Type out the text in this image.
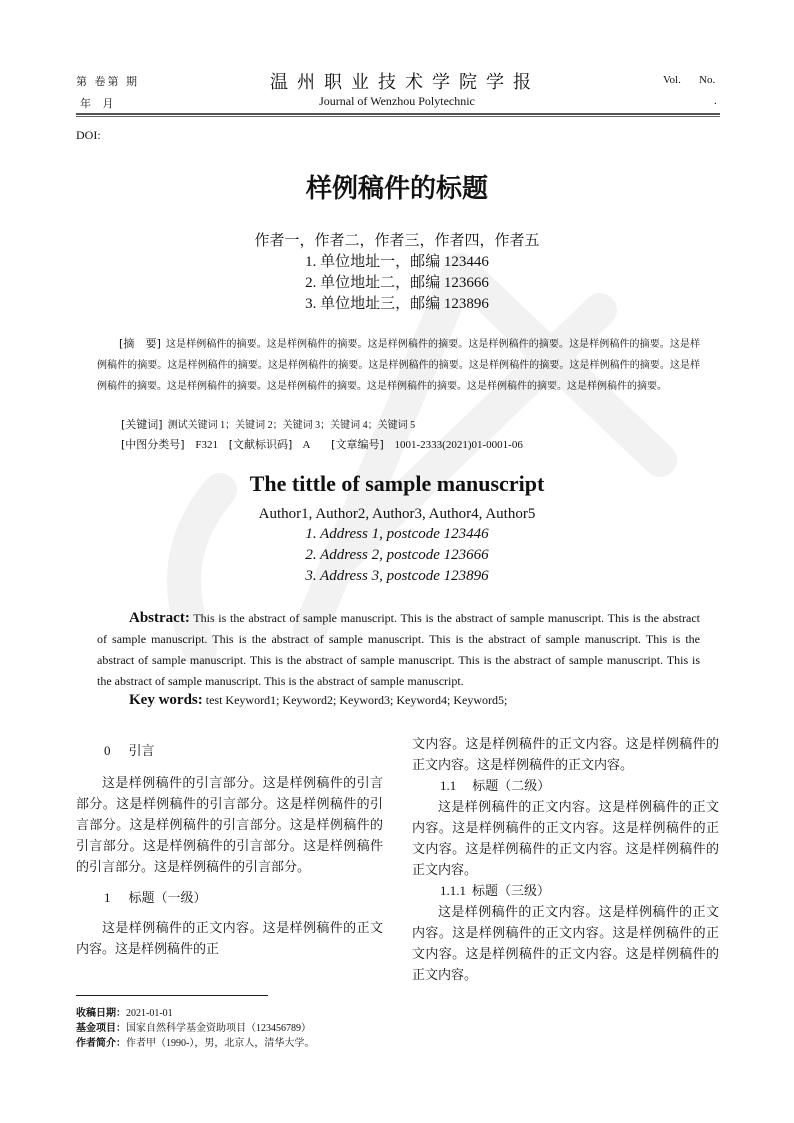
第 卷第 期
年 月
温州职业技术学院学报
Journal of Wenzhou Polytechnic
Vol. No.
.
DOI:
样例稿件的标题
作者一，作者二，作者三，作者四，作者五
1. 单位地址一，邮编 123446
2. 单位地址二，邮编 123666
3. 单位地址三，邮编 123896
[摘　要] 这是样例稿件的摘要。这是样例稿件的摘要。这是样例稿件的摘要。这是样例稿件的摘要。这是样例稿件的摘要。这是样例稿件的摘要。这是样例稿件的摘要。这是样例稿件的摘要。这是样例稿件的摘要。这是样例稿件的摘要。这是样例稿件的摘要。这是样例稿件的摘要。这是样例稿件的摘要。这是样例稿件的摘要。这是样例稿件的摘要。这是样例稿件的摘要。这是样例稿件的摘要。
[关键词] 测试关键词 1；关键词 2；关键词 3；关键词 4；关键词 5
[中图分类号] F321 [文献标识码] A [文章编号] 1001-2333(2021)01-0001-06
The tittle of sample manuscript
Author1, Author2, Author3, Author4, Author5
1. Address 1, postcode 123446
2. Address 2, postcode 123666
3. Address 3, postcode 123896
Abstract: This is the abstract of sample manuscript. This is the abstract of sample manuscript. This is the abstract of sample manuscript. This is the abstract of sample manuscript. This is the abstract of sample manuscript. This is the abstract of sample manuscript. This is the abstract of sample manuscript. This is the abstract of sample manuscript. This is the abstract of sample manuscript. This is the abstract of sample manuscript.
Key words: test Keyword1; Keyword2; Keyword3; Keyword4; Keyword5;
0 引言

这是样例稿件的引言部分。这是样例稿件的引言部分。这是样例稿件的引言部分。这是样例稿件的引言部分。这是样例稿件的引言部分。这是样例稿件的引言部分。这是样例稿件的引言部分。这是样例稿件的引言部分。这是样例稿件的引言部分。

1 标题（一级）

这是样例稿件的正文内容。这是样例稿件的正文内容。这是样例稿件的正

文内容。这是样例稿件的正文内容。这是样例稿件的正文内容。这是样例稿件的正文内容。

1.1 标题（二级）

这是样例稿件的正文内容。这是样例稿件的正文内容。这是样例稿件的正文内容。这是样例稿件的正文内容。这是样例稿件的正文内容。这是样例稿件的正文内容。

1.1.1 标题（三级）

这是样例稿件的正文内容。这是样例稿件的正文内容。这是样例稿件的正文内容。这是样例稿件的正文内容。这是样例稿件的正文内容。这是样例稿件的正文内容。

收稿日期：2021-01-01
基金项目：国家自然科学基金资助项目（123456789）
作者简介：作者甲（1990-），男，北京人，清华大学。
